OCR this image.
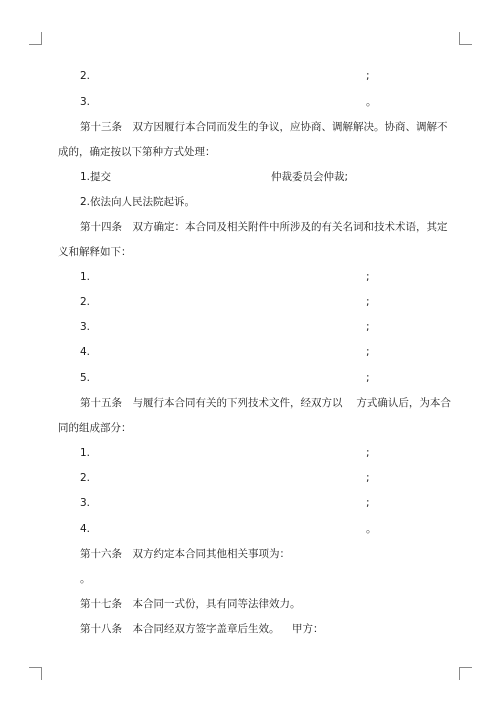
2.	;
3.	。
第十三条　双方因履行本合同而发生的争议，应协商、调解解决。协商、调解不
成的，确定按以下第种方式处理：
1.提交	仲裁委员会仲裁;
2.依法向人民法院起诉。
第十四条　双方确定：本合同及相关附件中所涉及的有关名词和技术术语，其定
义和解释如下：
1.	;
2.	;
3.	;
4.	;
5.	;
第十五条　与履行本合同有关的下列技术文件，经双方以　 方式确认后，为本合
同的组成部分：
1.	;
2.	;
3.	;
4.	。
第十六条　双方约定本合同其他相关事项为：
。
第十七条　本合同一式份，具有同等法律效力。
第十八条　本合同经双方签字盖章后生效。 甲方：
